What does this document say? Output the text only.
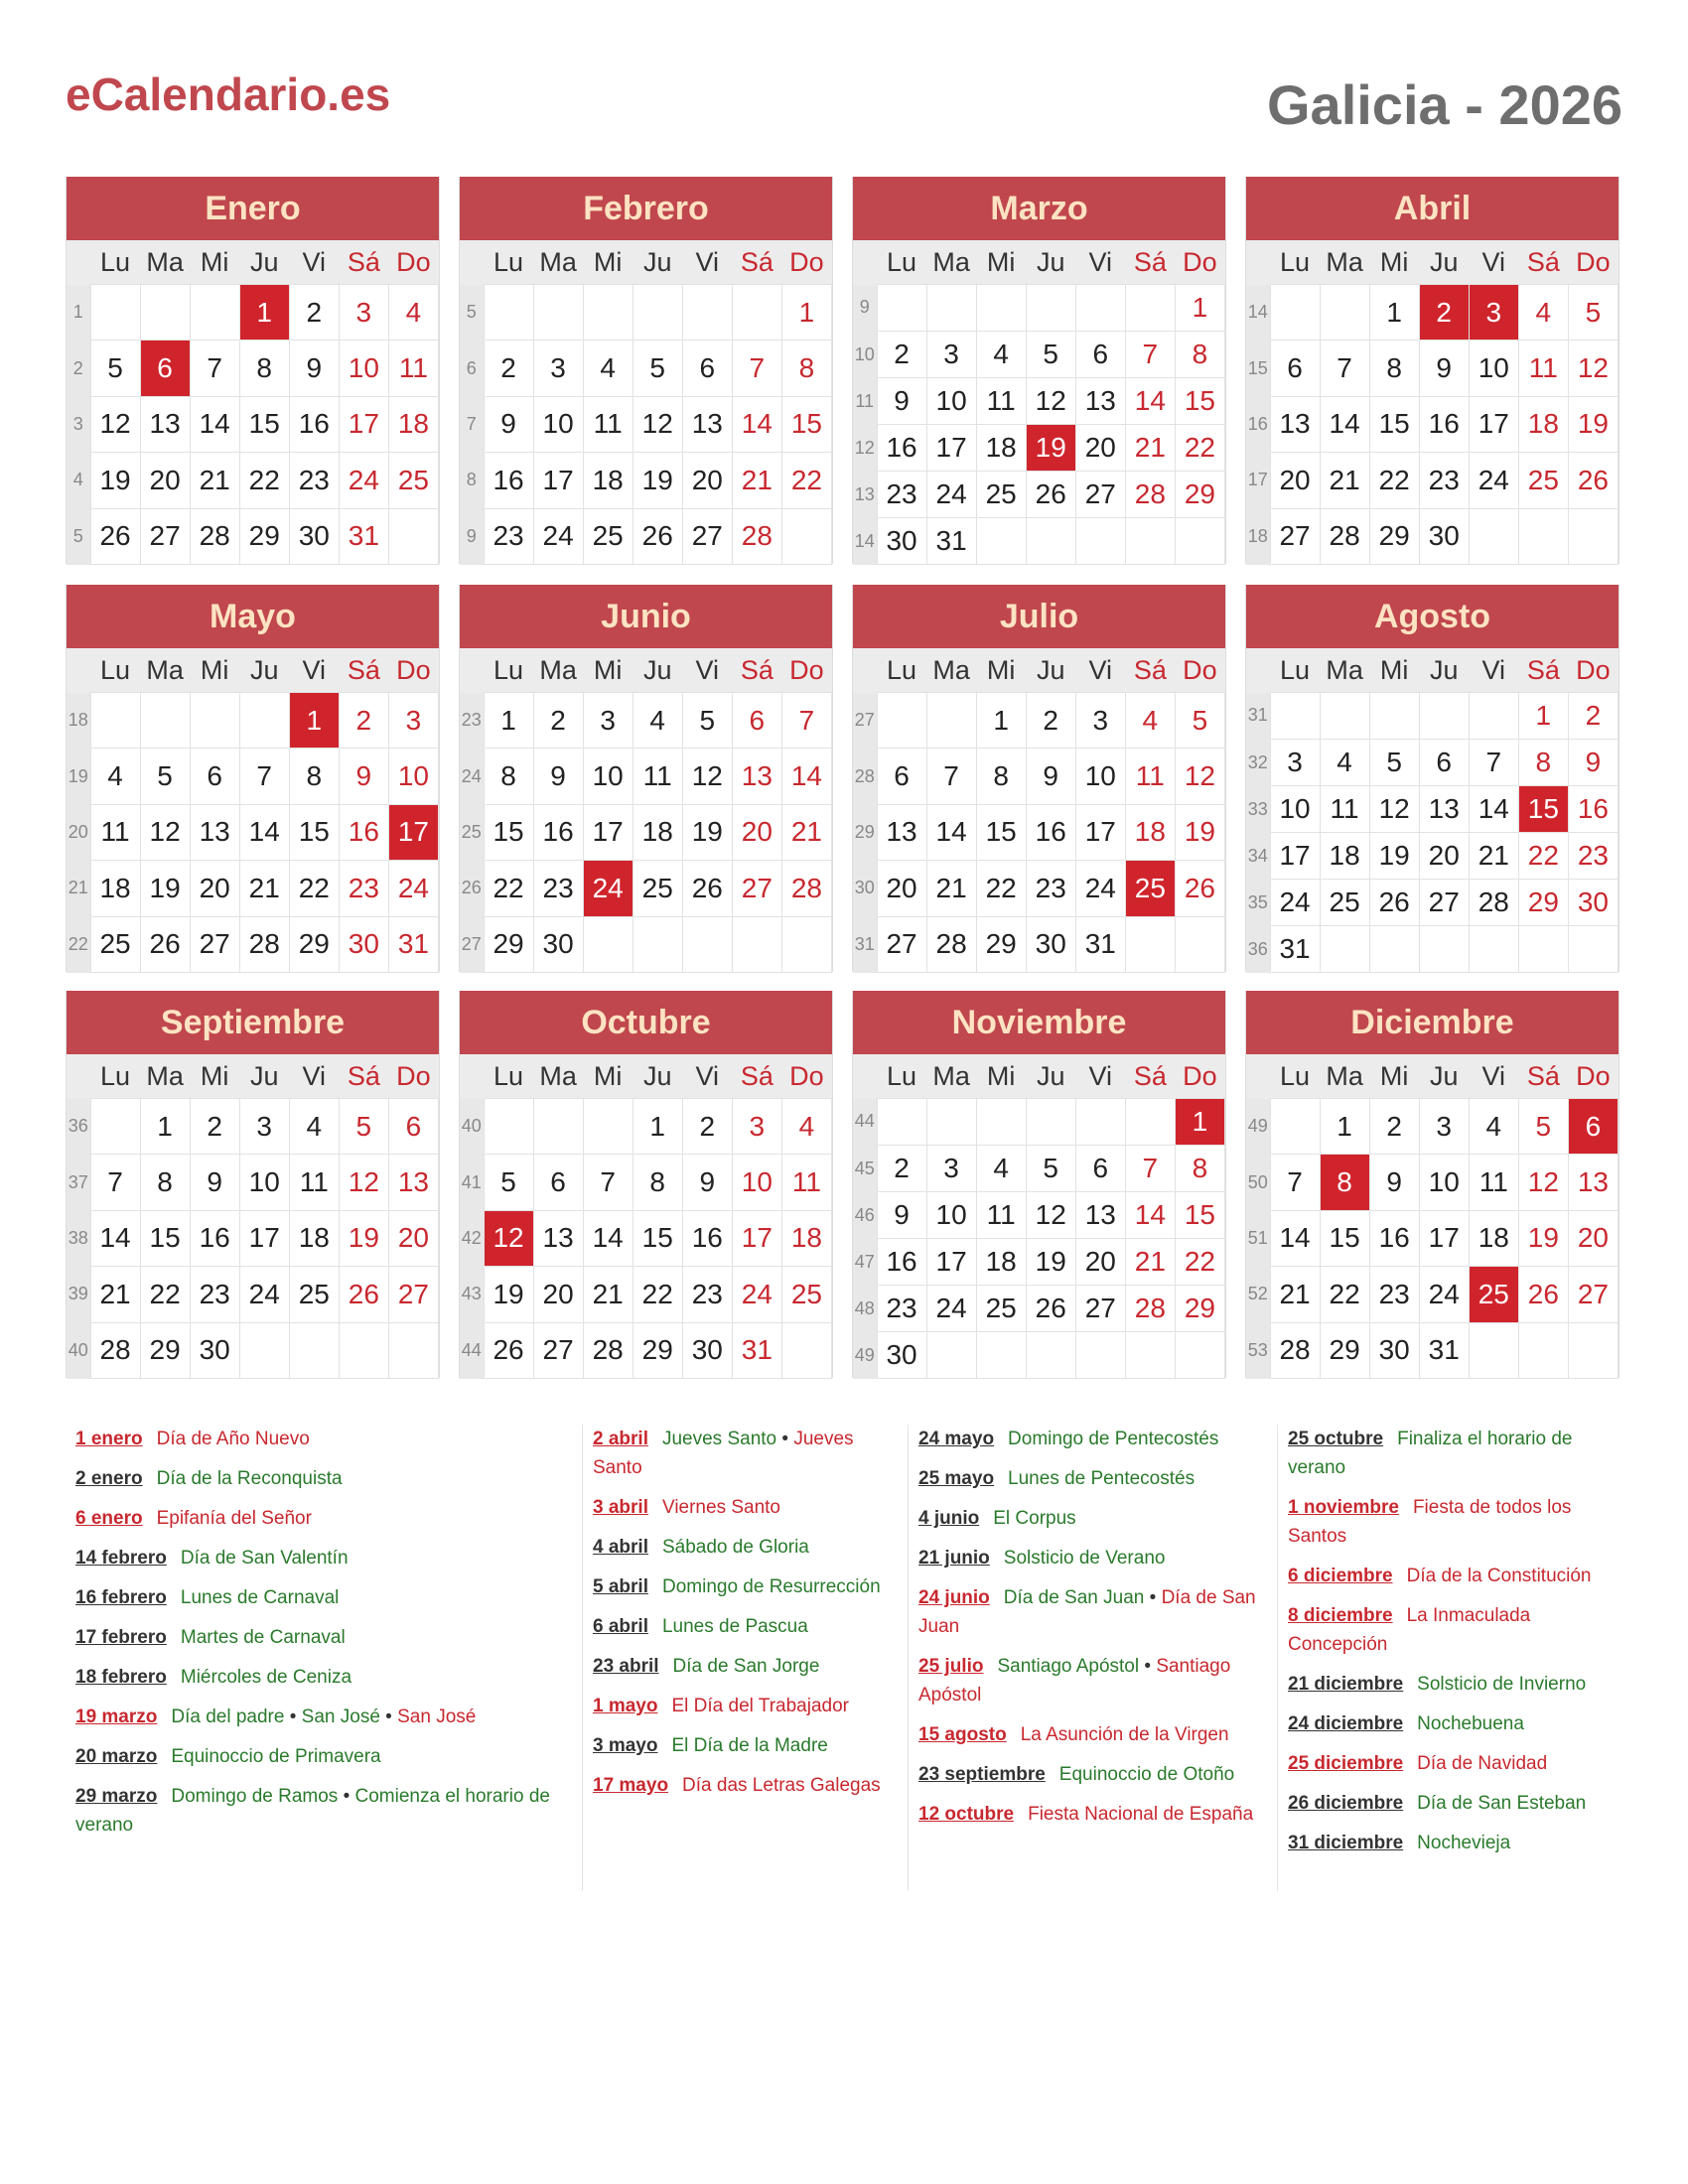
eCalendario.es	Galicia - 2026
Enero
	Lu	Ma	Mi	Ju	Vi	Sá	Do
1				1	2	3	4
2	5	6	7	8	9	10	11
3	12	13	14	15	16	17	18
4	19	20	21	22	23	24	25
5	26	27	28	29	30	31	
Febrero
	Lu	Ma	Mi	Ju	Vi	Sá	Do
5							1
6	2	3	4	5	6	7	8
7	9	10	11	12	13	14	15
8	16	17	18	19	20	21	22
9	23	24	25	26	27	28	
Marzo
	Lu	Ma	Mi	Ju	Vi	Sá	Do
9							1
10	2	3	4	5	6	7	8
11	9	10	11	12	13	14	15
12	16	17	18	19	20	21	22
13	23	24	25	26	27	28	29
14	30	31					
Abril
	Lu	Ma	Mi	Ju	Vi	Sá	Do
14			1	2	3	4	5
15	6	7	8	9	10	11	12
16	13	14	15	16	17	18	19
17	20	21	22	23	24	25	26
18	27	28	29	30			
Mayo
	Lu	Ma	Mi	Ju	Vi	Sá	Do
18					1	2	3
19	4	5	6	7	8	9	10
20	11	12	13	14	15	16	17
21	18	19	20	21	22	23	24
22	25	26	27	28	29	30	31
Junio
	Lu	Ma	Mi	Ju	Vi	Sá	Do
23	1	2	3	4	5	6	7
24	8	9	10	11	12	13	14
25	15	16	17	18	19	20	21
26	22	23	24	25	26	27	28
27	29	30					
Julio
	Lu	Ma	Mi	Ju	Vi	Sá	Do
27			1	2	3	4	5
28	6	7	8	9	10	11	12
29	13	14	15	16	17	18	19
30	20	21	22	23	24	25	26
31	27	28	29	30	31		
Agosto
	Lu	Ma	Mi	Ju	Vi	Sá	Do
31						1	2
32	3	4	5	6	7	8	9
33	10	11	12	13	14	15	16
34	17	18	19	20	21	22	23
35	24	25	26	27	28	29	30
36	31						
Septiembre
	Lu	Ma	Mi	Ju	Vi	Sá	Do
36		1	2	3	4	5	6
37	7	8	9	10	11	12	13
38	14	15	16	17	18	19	20
39	21	22	23	24	25	26	27
40	28	29	30				
Octubre
	Lu	Ma	Mi	Ju	Vi	Sá	Do
40				1	2	3	4
41	5	6	7	8	9	10	11
42	12	13	14	15	16	17	18
43	19	20	21	22	23	24	25
44	26	27	28	29	30	31	
Noviembre
	Lu	Ma	Mi	Ju	Vi	Sá	Do
44							1
45	2	3	4	5	6	7	8
46	9	10	11	12	13	14	15
47	16	17	18	19	20	21	22
48	23	24	25	26	27	28	29
49	30						
Diciembre
	Lu	Ma	Mi	Ju	Vi	Sá	Do
49		1	2	3	4	5	6
50	7	8	9	10	11	12	13
51	14	15	16	17	18	19	20
52	21	22	23	24	25	26	27
53	28	29	30	31			
1 enero Día de Año Nuevo
2 enero Día de la Reconquista
6 enero Epifanía del Señor
14 febrero Día de San Valentín
16 febrero Lunes de Carnaval
17 febrero Martes de Carnaval
18 febrero Miércoles de Ceniza
19 marzo Día del padre • San José • San José
20 marzo Equinoccio de Primavera
29 marzo Domingo de Ramos • Comienza el horario de verano
2 abril Jueves Santo • Jueves Santo
3 abril Viernes Santo
4 abril Sábado de Gloria
5 abril Domingo de Resurrección
6 abril Lunes de Pascua
23 abril Día de San Jorge
1 mayo El Día del Trabajador
3 mayo El Día de la Madre
17 mayo Día das Letras Galegas
24 mayo Domingo de Pentecostés
25 mayo Lunes de Pentecostés
4 junio El Corpus
21 junio Solsticio de Verano
24 junio Día de San Juan • Día de San Juan
25 julio Santiago Apóstol • Santiago Apóstol
15 agosto La Asunción de la Virgen
23 septiembre Equinoccio de Otoño
12 octubre Fiesta Nacional de España
25 octubre Finaliza el horario de verano
1 noviembre Fiesta de todos los Santos
6 diciembre Día de la Constitución
8 diciembre La Inmaculada Concepción
21 diciembre Solsticio de Invierno
24 diciembre Nochebuena
25 diciembre Día de Navidad
26 diciembre Día de San Esteban
31 diciembre Nochevieja
